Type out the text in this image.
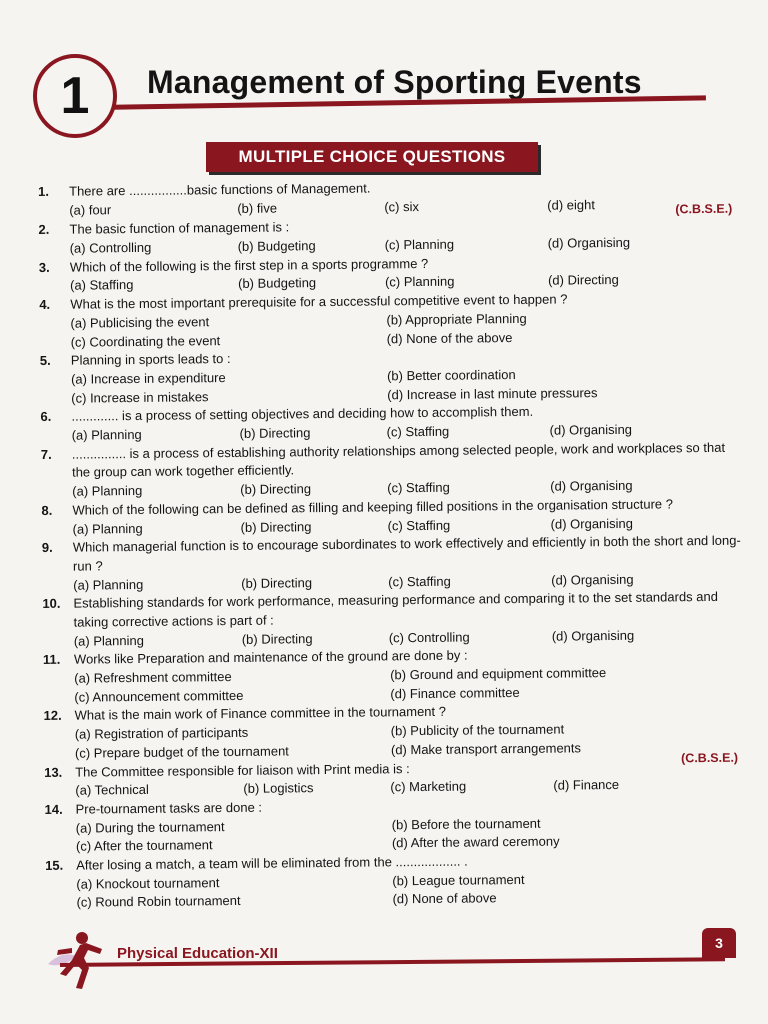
1	Management of Sporting Events
MULTIPLE CHOICE QUESTIONS
1. There are ................basic functions of Management.
(a) four	(b) five	(c) six	(d) eight
2. The basic function of management is :
(C.B.S.E.)
(a) Controlling	(b) Budgeting	(c) Planning	(d) Organising
3. Which of the following is the first step in a sports programme ?
(a) Staffing	(b) Budgeting	(c) Planning	(d) Directing
4. What is the most important prerequisite for a successful competitive event to happen ?
(a) Publicising the event	(b) Appropriate Planning
(c) Coordinating the event	(d) None of the above
5. Planning in sports leads to :
(a) Increase in expenditure	(b) Better coordination
(c) Increase in mistakes	(d) Increase in last minute pressures
6. ............. is a process of setting objectives and deciding how to accomplish them.
(a) Planning	(b) Directing	(c) Staffing	(d) Organising
7. ............... is a process of establishing authority relationships among selected people, work and workplaces so that the group can work together efficiently.
(a) Planning	(b) Directing	(c) Staffing	(d) Organising
8. Which of the following can be defined as filling and keeping filled positions in the organisation structure ?
(a) Planning	(b) Directing	(c) Staffing	(d) Organising
9. Which managerial function is to encourage subordinates to work effectively and efficiently in both the short and long-run ?
(a) Planning	(b) Directing	(c) Staffing	(d) Organising
10. Establishing standards for work performance, measuring performance and comparing it to the set standards and taking corrective actions is part of :
(a) Planning	(b) Directing	(c) Controlling	(d) Organising
11. Works like Preparation and maintenance of the ground are done by :
(a) Refreshment committee	(b) Ground and equipment committee
(c) Announcement committee	(d) Finance committee
12. What is the main work of Finance committee in the tournament ?
(a) Registration of participants	(b) Publicity of the tournament
(c) Prepare budget of the tournament	(d) Make transport arrangements
13. The Committee responsible for liaison with Print media is :
(C.B.S.E.)
(a) Technical	(b) Logistics	(c) Marketing	(d) Finance
14. Pre-tournament tasks are done :
(a) During the tournament	(b) Before the tournament
(c) After the tournament	(d) After the award ceremony
15. After losing a match, a team will be eliminated from the .................. .
(a) Knockout tournament	(b) League tournament
(c) Round Robin tournament	(d) None of above
Physical Education-XII
3
